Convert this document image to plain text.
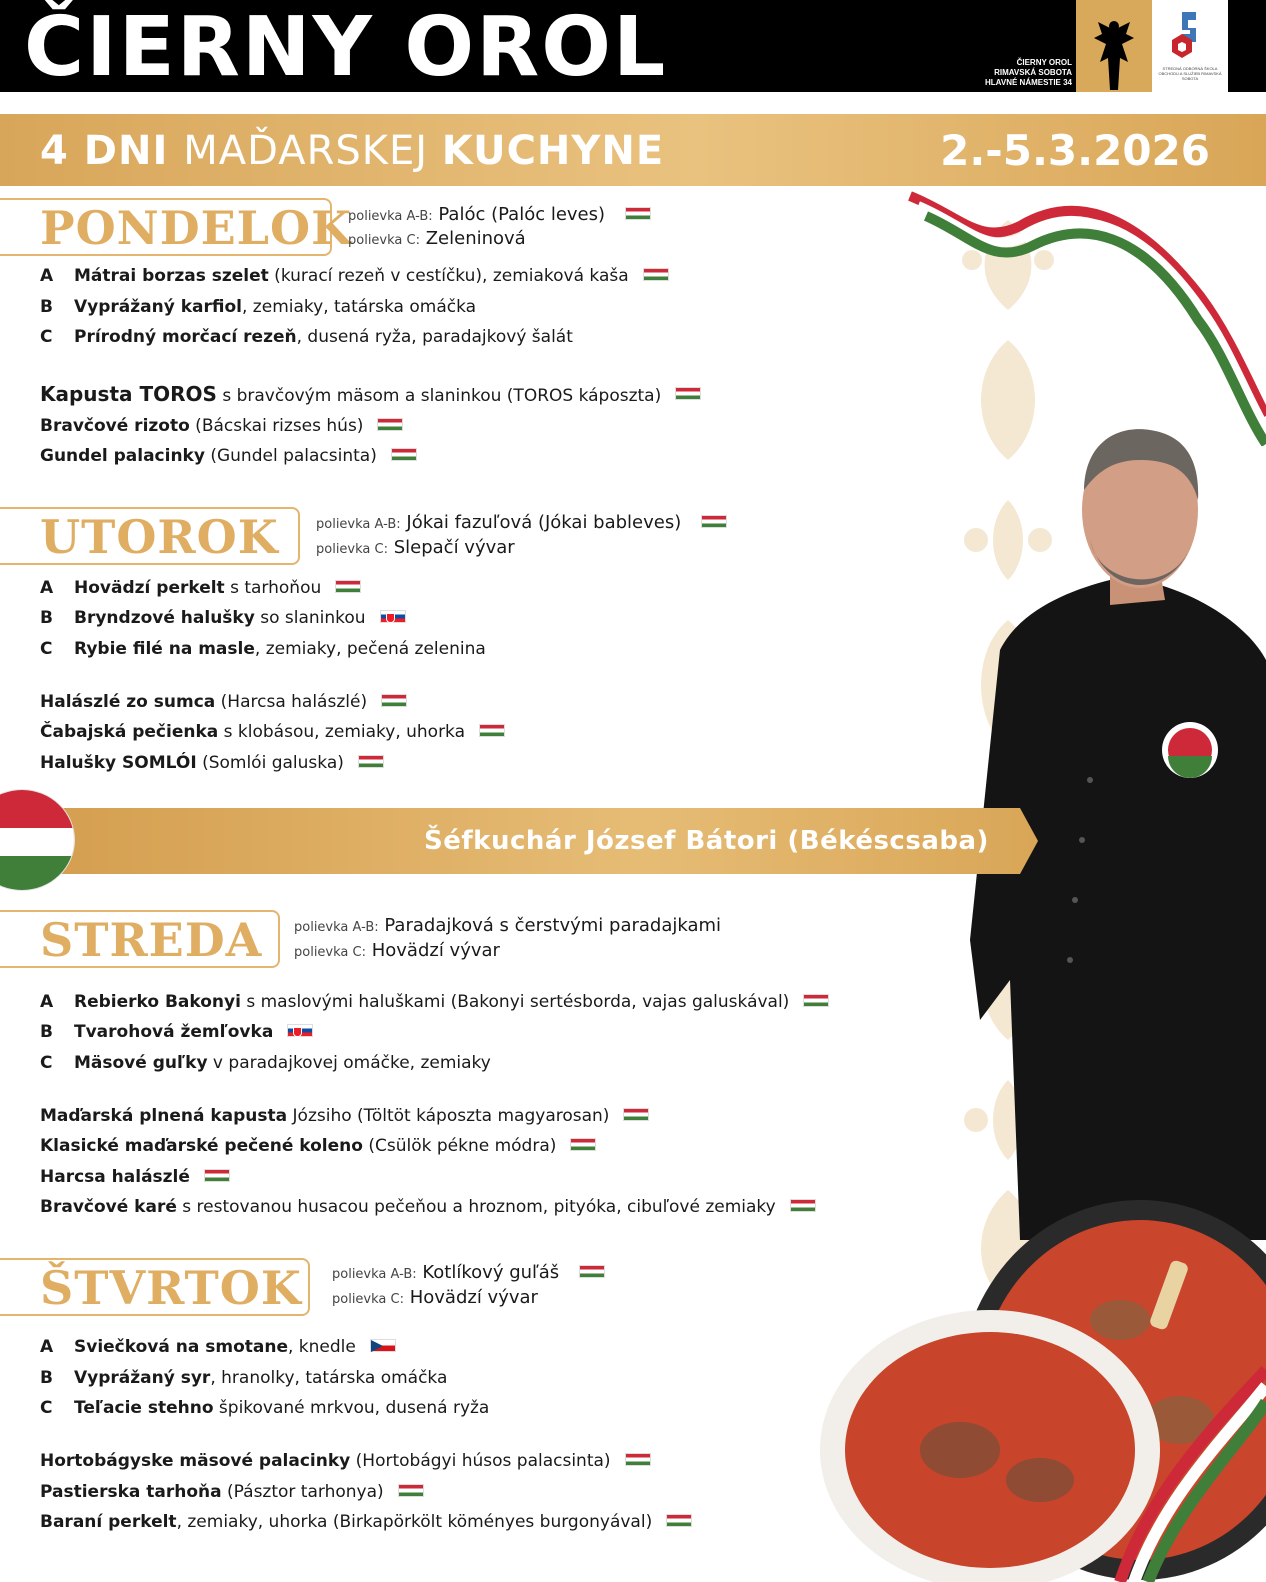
ČIERNY OROL	ČIERNY OROL
RIMAVSKÁ SOBOTA
HLAVNÉ NÁMESTIE 34
STREDNÁ ODBORNÁ ŠKOLA OBCHODU A SLUŽIEB RIMAVSKÁ SOBOTA
4 DNI MAĎARSKEJ KUCHYNE	2.-5.3.2026
PONDELOK
polievka A-B: Palóc (Palóc leves)
polievka C: Zeleninová
A Mátrai borzas szelet (kurací rezeň v cestíčku), zemiaková kaša
B Vyprážaný karfiol, zemiaky, tatárska omáčka
C Prírodný morčací rezeň, dusená ryža, paradajkový šalát
Kapusta TOROS s bravčovým mäsom a slaninkou (TOROS káposzta)
Bravčové rizoto (Bácskai rizses hús)
Gundel palacinky (Gundel palacsinta)
UTOROK	polievka A-B: Jókai fazuľová (Jókai bableves)
polievka C: Slepačí vývar
A Hovädzí perkelt s tarhoňou
B Bryndzové halušky so slaninkou
C Rybie filé na masle, zemiaky, pečená zelenina
Halászlé zo sumca (Harcsa halászlé)
Čabajská pečienka s klobásou, zemiaky, uhorka
Halušky SOMLÓI (Somlói galuska)
Šéfkuchár József Bátori (Békéscsaba)
STREDA polievka A-B: Paradajková s čerstvými paradajkami
polievka C: Hovädzí vývar
A Rebierko Bakonyi s maslovými haluškami (Bakonyi sertésborda, vajas galuskával)
B Tvarohová žemľovka
C Mäsové guľky v paradajkovej omáčke, zemiaky
Maďarská plnená kapusta Józsiho (Töltöt káposzta magyarosan)
Klasické maďarské pečené koleno (Csülök pékne módra)
Harcsa halászlé
Bravčové karé s restovanou husacou pečeňou a hroznom, pityóka, cibuľové zemiaky
ŠTVRTOK polievka A-B: Kotlíkový guľáš
polievka C: Hovädzí vývar
A Sviečková na smotane, knedle
B Vyprážaný syr, hranolky, tatárska omáčka
C Teľacie stehno špikované mrkvou, dusená ryža
Hortobágyske mäsové palacinky (Hortobágyi húsos palacsinta)
Pastierska tarhoňa (Pásztor tarhonya)
Baraní perkelt, zemiaky, uhorka (Birkapörkölt köményes burgonyával)
